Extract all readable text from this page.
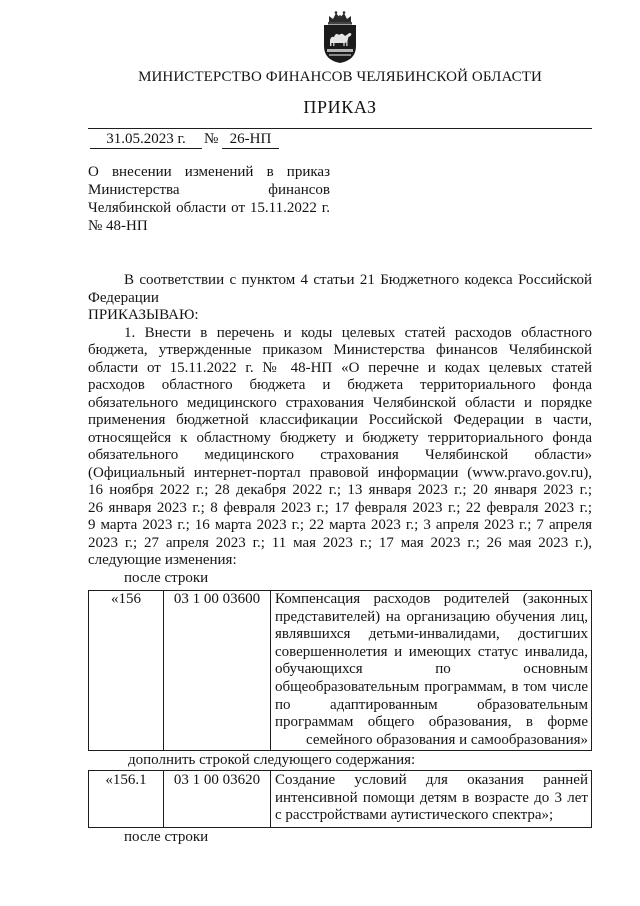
МИНИСТЕРСТВО ФИНАНСОВ ЧЕЛЯБИНСКОЙ ОБЛАСТИ
ПРИКАЗ
31.05.2023 г.	№ 26-НП
О внесении изменений в приказ
Министерства финансов
Челябинской области от 15.11.2022 г.
№ 48-НП
В соответствии с пунктом 4 статьи 21 Бюджетного кодекса Российской
Федерации
ПРИКАЗЫВАЮ:
1. Внести в перечень и коды целевых статей расходов областного
бюджета, утвержденные приказом Министерства финансов Челябинской
области от 15.11.2022 г. № 48-НП «О перечне и кодах целевых статей
расходов областного бюджета и бюджета территориального фонда
обязательного медицинского страхования Челябинской области и порядке
применения бюджетной классификации Российской Федерации в части,
относящейся к областному бюджету и бюджету территориального фонда
обязательного медицинского страхования Челябинской области»
(Официальный интернет-портал правовой информации (www.pravo.gov.ru),
16 ноября 2022 г.; 28 декабря 2022 г.; 13 января 2023 г.; 20 января 2023 г.;
26 января 2023 г.; 8 февраля 2023 г.; 17 февраля 2023 г.; 22 февраля 2023 г.;
9 марта 2023 г.; 16 марта 2023 г.; 22 марта 2023 г.; 3 апреля 2023 г.; 7 апреля
2023 г.; 27 апреля 2023 г.; 11 мая 2023 г.; 17 мая 2023 г.; 26 мая 2023 г.),
следующие изменения:
после строки
«156	03 1 00 03600 Компенсация расходов родителей (законных
представителей) на организацию обучения лиц,
являвшихся детьми-инвалидами, достигших
совершеннолетия и имеющих статус инвалида,
обучающихся по основным
общеобразовательным программам, в том числе
по адаптированным образовательным
программам общего образования, в форме
семейного образования и самообразования»
дополнить строкой следующего содержания:
«156.1	03 1 00 03620 Создание условий для оказания ранней
интенсивной помощи детям в возрасте до 3 лет
с расстройствами аутистического спектра»;
после строки
